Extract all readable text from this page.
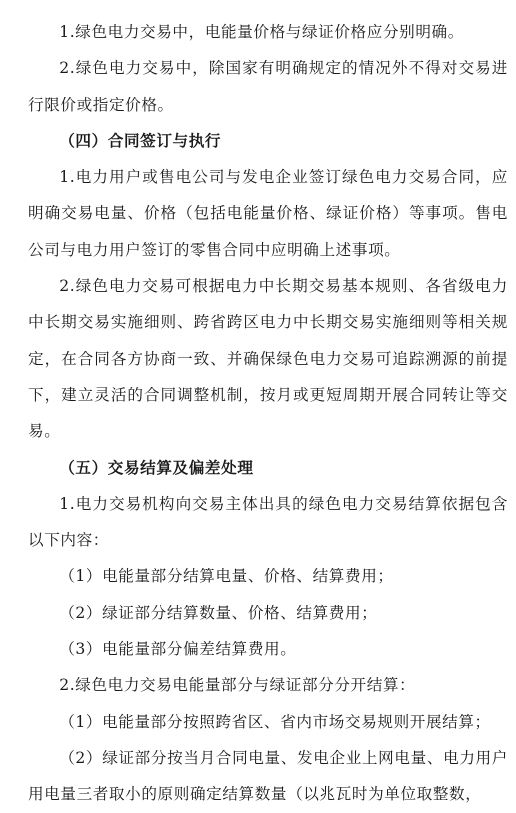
1.绿色电力交易中，电能量价格与绿证价格应分别明确。

2.绿色电力交易中，除国家有明确规定的情况外不得对交易进行限价或指定价格。

（四）合同签订与执行

1.电力用户或售电公司与发电企业签订绿色电力交易合同，应明确交易电量、价格（包括电能量价格、绿证价格）等事项。售电公司与电力用户签订的零售合同中应明确上述事项。

2.绿色电力交易可根据电力中长期交易基本规则、各省级电力中长期交易实施细则、跨省跨区电力中长期交易实施细则等相关规定，在合同各方协商一致、并确保绿色电力交易可追踪溯源的前提下，建立灵活的合同调整机制，按月或更短周期开展合同转让等交易。

（五）交易结算及偏差处理

1.电力交易机构向交易主体出具的绿色电力交易结算依据包含以下内容：

（1）电能量部分结算电量、价格、结算费用；

（2）绿证部分结算数量、价格、结算费用；

（3）电能量部分偏差结算费用。

2.绿色电力交易电能量部分与绿证部分分开结算：

（1）电能量部分按照跨省区、省内市场交易规则开展结算；

（2）绿证部分按当月合同电量、发电企业上网电量、电力用户用电量三者取小的原则确定结算数量（以兆瓦时为单位取整数，
